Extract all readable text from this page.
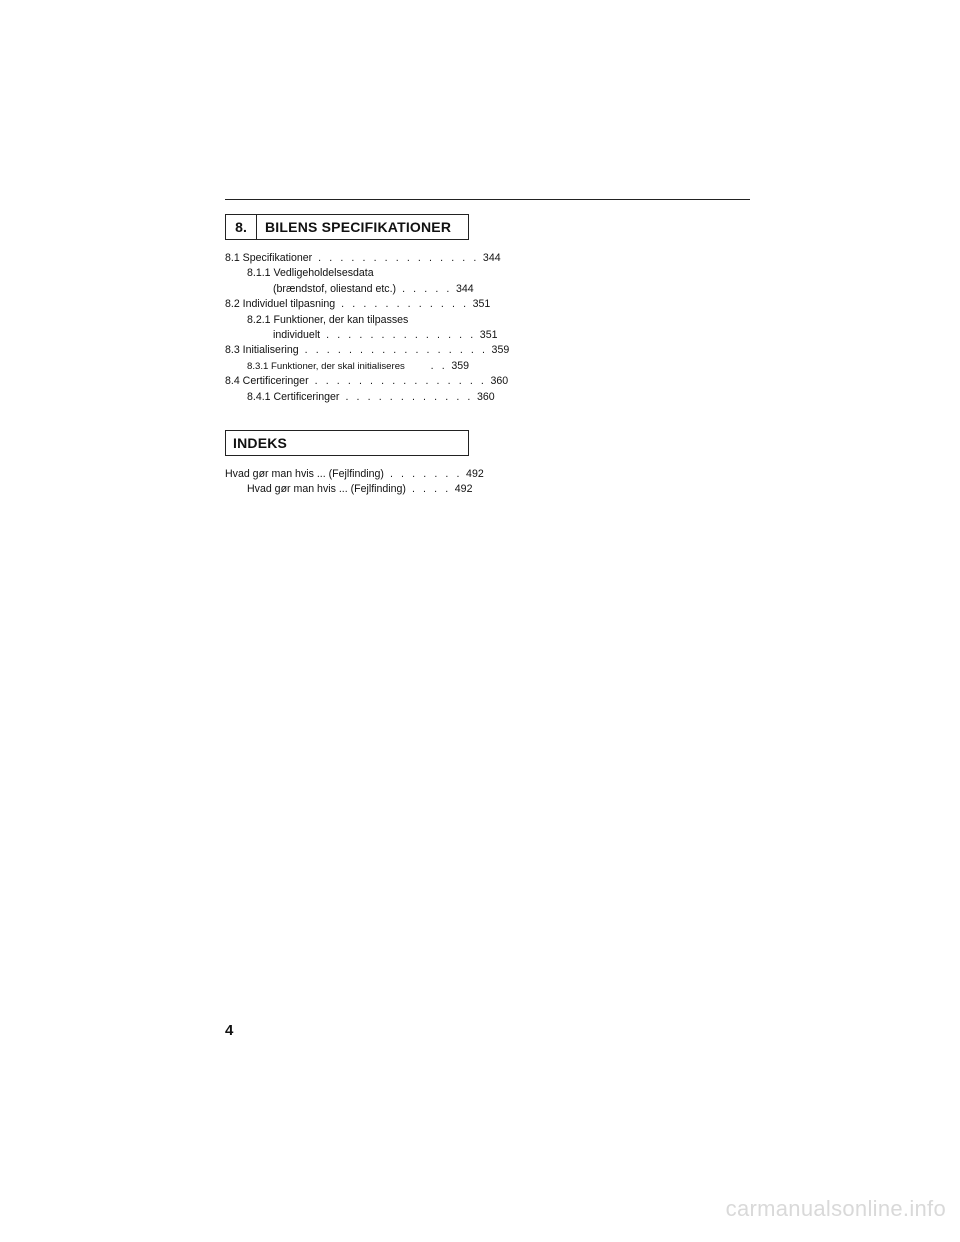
8.	BILENS SPECIFIKATIONER
8.1 Specifikationer . . . . . . . . . . . . . . . 344
8.1.1 Vedligeholdelsesdata
(brændstof, oliestand etc.) . . . . . 344
8.2 Individuel tilpasning . . . . . . . . . . . . 351
8.2.1 Funktioner, der kan tilpasses
individuelt . . . . . . . . . . . . . . 351
8.3 Initialisering . . . . . . . . . . . . . . . . . 359
8.3.1 Funktioner, der skal initialiseres	. . 359
8.4 Certificeringer . . . . . . . . . . . . . . . . 360
8.4.1 Certificeringer . . . . . . . . . . . . 360
INDEKS
Hvad gør man hvis ... (Fejlfinding) . . . . . . . 492
Hvad gør man hvis ... (Fejlfinding) . . . . 492
4
carmanualsonline.info
